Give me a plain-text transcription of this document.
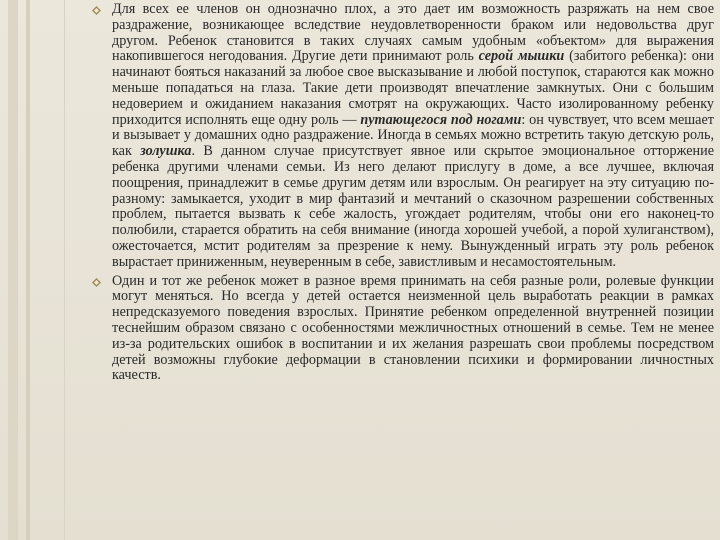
Для всех ее членов он однозначно плох, а это дает им возможность разряжать на нем свое раздражение, возникающее вследствие неудовлетворенности браком или недовольства друг другом. Ребенок становится в таких случаях самым удобным «объектом» для выражения накопившегося негодования. Другие дети принимают роль серой мышки (забитого ребенка): они начинают бояться наказаний за любое свое высказывание и любой поступок, стараются как можно меньше попадаться на глаза. Такие дети производят впечатление замкнутых. Они с большим недоверием и ожиданием наказания смотрят на окружающих. Часто изолированному ребенку приходится исполнять еще одну роль — путающегося под ногами: он чувствует, что всем мешает и вызывает у домашних одно раздражение. Иногда в семьях можно встретить такую детскую роль, как золушка. В данном случае присутствует явное или скрытое эмоциональное отторжение ребенка другими членами семьи. Из него делают прислугу в доме, а все лучшее, включая поощрения, принадлежит в семье другим детям или взрослым. Он реагирует на эту ситуацию по-разному: замыкается, уходит в мир фантазий и мечтаний о сказочном разрешении собственных проблем, пытается вызвать к себе жалость, угождает родителям, чтобы они его наконец-то полюбили, старается обратить на себя внимание (иногда хорошей учебой, а порой хулиганством), ожесточается, мстит родителям за презрение к нему. Вынужденный играть эту роль ребенок вырастает приниженным, неуверенным в себе, завистливым и несамостоятельным.

Один и тот же ребенок может в разное время принимать на себя разные роли, ролевые функции могут меняться. Но всегда у детей остается неизменной цель выработать реакции в рамках непредсказуемого поведения взрослых. Принятие ребенком определенной внутренней позиции теснейшим образом связано с особенностями межличностных отношений в семье. Тем не менее из-за родительских ошибок в воспитании и их желания разрешать свои проблемы посредством детей возможны глубокие деформации в становлении психики и формировании личностных качеств.
